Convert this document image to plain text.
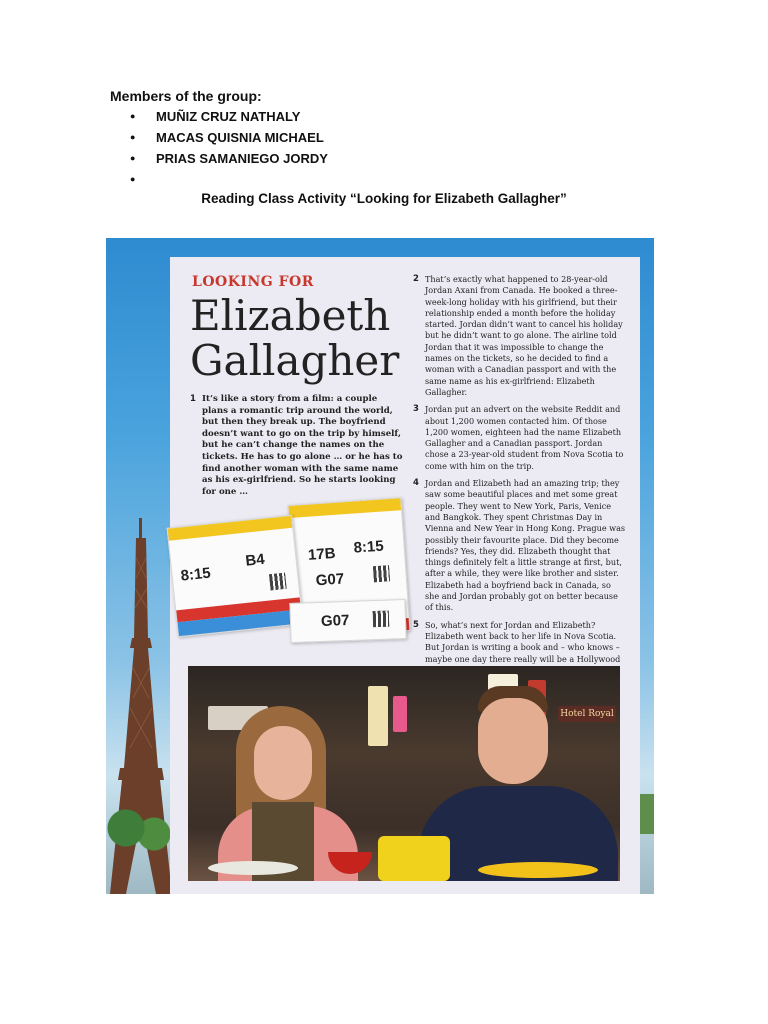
Members of the group:
● MUÑIZ CRUZ NATHALY
● MACAS QUISNIA MICHAEL
● PRIAS SAMANIEGO JORDY
●
Reading Class Activity “Looking for Elizabeth Gallagher”
LOOKING FOR
Elizabeth
Gallagher
1 It’s like a story from a film: a couple plans a romantic trip around the world, but then they break up. The boyfriend doesn’t want to go on the trip by himself, but he can’t change the names on the tickets. He has to go alone … or he has to find another woman with the same name as his ex-girlfriend. So he starts looking for one …

8:15
17B
G07
8:15
B4
G07
2 That’s exactly what happened to 28-year-old Jordan Axani from Canada. He booked a three-week-long holiday with his girlfriend, but their relationship ended a month before the holiday started. Jordan didn’t want to cancel his holiday but he didn’t want to go alone. The airline told Jordan that it was impossible to change the names on the tickets, so he decided to find a woman with a Canadian passport and with the same name as his ex-girlfriend: Elizabeth Gallagher.

3 Jordan put an advert on the website Reddit and about 1,200 women contacted him. Of those 1,200 women, eighteen had the name Elizabeth Gallagher and a Canadian passport. Jordan chose a 23-year-old student from Nova Scotia to come with him on the trip.

4 Jordan and Elizabeth had an amazing trip; they saw some beautiful places and met some great people. They went to New York, Paris, Venice and Bangkok. They spent Christmas Day in Vienna and New Year in Hong Kong. Prague was possibly their favourite place. Did they become friends? Yes, they did. Elizabeth thought that things definitely felt a little strange at first, but, after a while, they were like brother and sister. Elizabeth had a boyfriend back in Canada, so she and Jordan probably got on better because of this.

5 So, what’s next for Jordan and Elizabeth? Elizabeth went back to her life in Nova Scotia. But Jordan is writing a book and – who knows – maybe one day there really will be a Hollywood

Hotel Royal
